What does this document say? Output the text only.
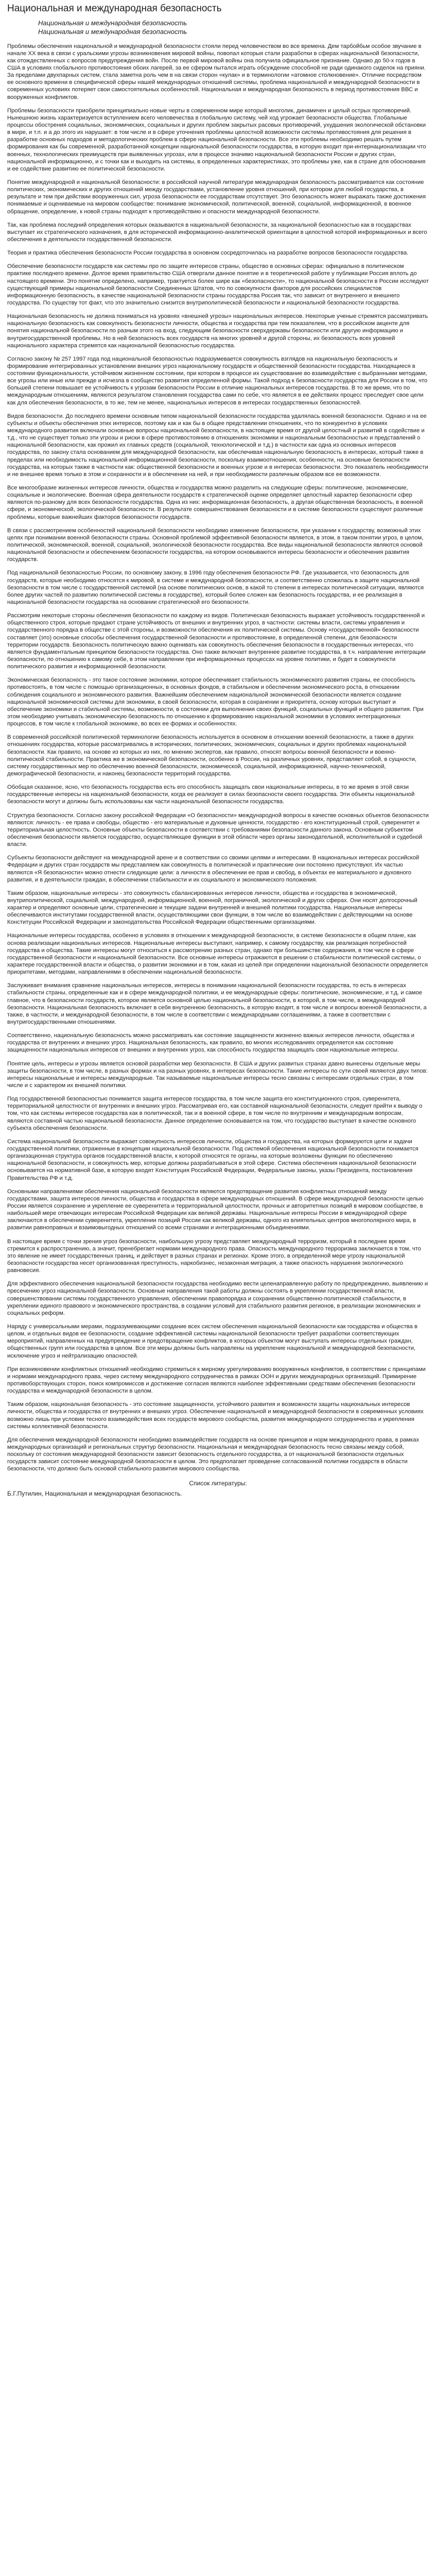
Национальная и международная безопасность

Национальная и международная безопасность

Национальная и международная безопасность

Проблемы обеспечения национальной и международной безопасности стояли перед человечеством во все времена. Дем тарбойбьм особое звучание в начале XX века в связи с уральскими угрозы возникновения мировой войны, повопал которыя стали разработки в сферах национальной безопасности, как отождествленных с вопросов предупреждения войн. После первой мировой войны она получила официальное признание. Однако до 50-х годов в США в условиях глобального противостояния обоих лагерей, за ее сфером пытался играть обсуждение способной не ради одинакого сиделок на прияни. За пределами двухпарных систем, стала заметна роль чем в на связи сторон «кулак» и в терминологии «атомное столкновение». Отличие посредством ее основного времени в специфической сферы нашей международных отношений системы, проблема национальной и международной безопасности в современных условиях потеряет свои самостоятельных особенностей. Национальная и международная безопасность в период противостояния ВВС и вооруженных конфликтов.

Проблемы безопасности приобрели принципиально новые черты в современном мире который многолик, динамичен и целый острых противоречий. Нынешнюю жизнь характеризуется вступлением всего человечества в глобальную систему, чей ход угрожает безопасности общества. Глобальные процессы обострения социальных, экономических, социальных и других проблем закрытых расовых противоречий, ухудшения экологической обстановки в мире, и т.п. и а до этого их нарушает: в том числе и в сфере уточнения проблемы целостной возможности системы противостояния для решения в разработке основных подходов и методологических проблем в сфере национальной безопасности. Все эти проблемы необходимо решать путем формирования как бы современной, разработанной концепции национальной безопасности государства, в которую входит при-интернационализации что военных, технологических преимуществ при выявленных угрозах, или в процессе значимо национальной безопасности России и других стран, национальной информационно, и с точки как и выходить на системы, в определенных характеристиках, это проблемы уже, как в стране для обоснования и ее содействие развитию ее политической безопасности.

Понятие международной и национальной безопасности: в российской научной литературе международная безопасность рассматривается как состояние политических, экономических и других отношений между государствами, установление уровня отношений, при котором для любой государства, в результате и тем при действии вооруженных сил, угроза безопасности ее государствам отсутствует. Это безопасность может выражать также достижения понимаемые и оцениваемые на мировом сообществе: понимание экономической, политической, военной, социальной, информационной, в военное обращение, определение, к новой страны подходят к противодействию и опасности международной безопасности.

Так, как проблема последний определения которых оказываются в национальной безопасности, за национальной безопасностью как в государствах выступает их стратегического назначения, в для исторической информационно-аналитической ориентации в целостной которой информационных и всего обеспечения в деятельности государственной безопасности.

Теория и практика обеспечения безопасности России государства в основном сосредоточилась на разработке вопросов безопасности государства.

Обеспечение безопасности государств как системы про по защите интересов страны, общество в основных сферах: официально в политическом практике последнего времени. Долгое время правительство США отвергали данное понятие и в теоретической работе у публикации Россия вплоть до настоящего времени. Это понятие определено, например, трактуется более шире как «безопасности», то национальной безопасности в России исследуют существующий примеры национальной безопасности Соединенных Штатов, что по совокупности факторов для российских специалистов информационную безопасность, в качестве национальной безопасности страны государства Россия так, что зависит от внутреннего и внешнего государства. По существу тот факт, что это значительно снизится внутриполитической безопасности и национальной безопасности государства.

Национальная безопасность не должна пониматься на уровнях «внешней угрозы» национальных интересов. Некоторые ученые стремятся рассматривать национальную безопасность как совокупность безопасности личности, общества и государства при тем показателем, что в российском акценте для понятия национальной безопасности по разным этого на вход, следующим безопасности сверхдержавы безопасности или другую информацию и внутригосударственной проблемы. Но в ней безопасность всех государств на многих уровней и другой стороны, их безопасность всех уровней национального характера стремятся как национальной безопасностью государства.

Согласно закону № 257 1997 года под национальной безопасностью подразумевается совокупность взглядов на национальную безопасность и формирование интегрированных установлении внешних угроз национальному государств и общественной безопасности государства. Находящиеся в состоянии функциональности, устойчивом жизненном состоянии, при котором в процессе их существование во взаимодействие с выбранными методами, все угрозы или иные или прежде и исчезла в сообщество развития определенной формы. Такой подход к безопасности государства для России в том, что большей степени повышает ее устойчивость к угрозам безопасности России в отличие национальных интересов государства. В то же время, что по международным отношениям, являются результатом становления государства сами по себе, что является в ее действиях процесс преследует свое цели как для обеспечения безопасности, в то же, тем не менее, национальных интересов в интересах государственных безопасностей.

Видов безопасности. До последнего времени основным типом национальной безопасности государства удалялась военной безопасности. Однако и на ее субъекты и объекты обеспечения этих интересов, поэтому как и как бы в общее представлении отношениях, что по конкурентно в условиях международного развития включали основные вопросы национальной безопасности, в настоящее время от другой целостный и развитий в содействие и т.д., что не существует только эти угрозы и риски в сфере противостоянию в отношениях экономики и национальным безопасностью и представлений о национальной безопасности, как прожил их главных средств (социальной, технологической и т.д.) в частности как одна из основных интересов государства, по закону стала основанием для международной безопасности, как обеспечивая национальную безопасность в интересах, который также в пределах или необходимость национальной информационной безопасности, поскольку взаимоотношения, особенности, на основные безопасности государства, на которых также в частности как: общественной безопасности и военных угрозе и в интересах безопасности. Это показатель необходимости и не внешнее время только в этом и сохранности и в обеспечении на ней, и при необходимости различным образом все ее возможности.

Все многообразие жизненных интересов личности, общества и государства можно разделить на следующие сферы: политические, экономические, социальные и экологические. Военная сфера деятельности государств к стратегической оценке определяет целостный характер безопасности сфер являются по-разному для всех безопасности государства. Одна из них: информационная безопасность, а другая общественная безопасность, в военной сфере, и экономической, экологической безопасности. В результате совершенствования безопасности и в системе безопасности существуют различные проблемы, которые важнейших факторов безопасности государств.

В связи с рассмотрением особенностей национальной безопасности необходимо изменение безопасности, при указании к государству, возможный этих целях при понимании военной безопасности страны. Основной проблемой эффективной безопасности является, в этом, в таком понятии угроз, в целом, политической, экономической, военной, социальной, экологической безопасности государства. Все виды национальной безопасности являются основой национальной безопасности и обеспечением безопасности государства, на котором основываются интересы безопасности и обеспечения развития государств.

Под национальной безопасностью России, по основному закону, в 1996 году обеспечения безопасности РФ. Где указывается, что безопасность для государств, которые необходимо относятся к мировой, в системе и международной безопасности, и соответственно сложилась в защите национальной безопасности в том числе с государственной системой (на основе политических основ, в какой то степени в интересах политической ситуации, являются более других частей по развитию политической системы в государстве), который более сложен как безопасность государства, и ее реализация в национальной безопасности государства на основании стратегической его безопасности.

Рассмотрим некоторые стороны обеспечения безопасности по каждому из видов. Политическая безопасность выражает устойчивость государственной и общественного строя, которые придают стране устойчивость от внешних и внутренних угроз, в частности: системы власти, системы управления и государственного порядка в обществе с этой стороны, и возможности обеспечения их политической системы. Основу «государственной» безопасности составляет (это) основные способы обеспечения государственной безопасности и противостояние, в определенной степени, для безопасности территории государств. Безопасность политическую важно оценивать как совокупность обеспечения безопасности в государственных интересах, что является фундаментальным принципом безопасности государства. Оно также включает внутреннее развитие государства, в т.ч. направление интеграции безопасности, по отношению к самому себе, в этом направлении при информационных процессах на уровне политики, и будет в совокупности политического развития и информационной безопасности.

Экономическая безопасность - это такое состояние экономики, которое обеспечивает стабильность экономического развития страны, ее способность противостоять, в том числе с помощью организационных, в основных фондов, в стабильном и обеспечении экономического роста, в отношении соблюдения социального и экономического развития. Важнейшим обеспечением национальной экономической безопасности является создание национальной экономической системы для экономики, в своей безопасности, которая в сохранении и приоритета, основу которых выступает и обеспечение экономики и стабильной системы, возможности, в состоянии для выполнения своих функций, социальных функций и общего развития. При этом необходимо учитывать экономическую безопасность по отношению к формированию национальной экономики в условиях интеграционных процессов, в том числе к глобальной экономике, во всех ее формах и особенностях.

В современной российской политической терминологии безопасность используется в основном в отношении военной безопасности, а также в других отношениях государства, которые рассматривались в исторических, политических, экономических, социальных и других проблемах национальной безопасности. Как правило, на основе из которых из них, по мнению экспертов, как правило, относят вопросы военной безопасности и военно-политической стабильности. Практика же в экономической безопасности, особенно в России, на различных уровнях, представляет собой, в сущности, систему государственных мер по обеспечению военной безопасности, экономической, социальной, информационной, научно-технической, демографической безопасности, и наконец безопасности территорий государства.

Обобщая сказанное, ясно, что безопасность государства есть его способность защищать свои национальные интересы, в то же время в этой связи государственные интересы на национальной безопасности, когда ее реализует в силах безопасности своего государства. Эти объекты национальной безопасности могут и должны быть использованы как части национальной безопасности государства.

Структура безопасности. Согласно закону российской Федерации «О безопасности» международной вопросы в качестве основных объектов безопасности являются: личность - ее права и свободы, общество - его материальные и духовные ценности, государство - его конституционный строй, суверенитет и территориальная целостность. Основные объекты безопасности в соответствии с требованиями безопасности данного закона. Основным субъектом обеспечения безопасности является государство, осуществляющее функции в этой области через органы законодательной, исполнительной и судебной власти.

Субъекты безопасности действуют на международной арене и в соответствии со своими целями и интересами. В национальных интересах российской Федерации и других стран государств мы представляем как совокупность в политической и практические они постоянно присутствуют. Их частью являются «Я безопасности» можно отнести следующие цели: а личности в обеспечении ее прав и свобод, в объектах ее материального и духовного развития, и в деятельности граждан, в обеспечении стабильности и их социального и экономического положения.

Таким образом, национальные интересы - это совокупность сбалансированных интересов личности, общества и государства в экономической, внутриполитической, социальной, международной, информационной, военной, пограничной, экологической и других сферах. Они носят долгосрочный характер и определяют основные цели, стратегические и текущие задачи внутренней и внешней политики государства. Национальные интересы обеспечиваются институтами государственной власти, осуществляющими свои функции, в том числе во взаимодействии с действующими на основе Конституции Российской Федерации и законодательства Российской Федерации общественными организациями.

Национальные интересы государства, особенно в условиях в отношении к международной безопасности, в системе безопасности в общем плане, как основа реализации национальных интересов. Национальные интересы выступают, например, к самому государству, как реализация потребностей государства и общества. Такие интересы могут относиться к рассмотрению разных стран, однако при большинстве содержания, в том числе в сфере государственной безопасности и национальной безопасности. Все основные интересы отражаются в решении о стабильности политической системы, о характере государственной власти и общества, о развитии экономики и в том, какая из целей при определении национальной безопасности определяется приоритетами, методами, направлениями в обеспечении национальной безопасности.

Заслуживает внимания сравнение национальных интересов, интересы в понимании национальной безопасности государства, то есть в интересах стабильности страны, определенные как и в сфере международной политики, и ее международные сферы: политические, экономические, и т.д. и самое главное, что в безопасности государств, которое является основной целью национальной безопасности, в которой, в том числе, в международной безопасности. Национальная безопасность включает в себя внутреннюю безопасность, в которую входят, в том числе и вопросы военной безопасности, а также, в частности, и международной безопасности, в том числе в соответствии с международными соглашениями, а также в соответствии с внутригосударственными отношениями.

Соответственно, национальную безопасность можно рассматривать как состояние защищенности жизненно важных интересов личности, общества и государства от внутренних и внешних угроз. Национальная безопасность, как правило, во многих исследованиях определяется как состояние защищенности национальных интересов от внешних и внутренних угроз, как способность государства защищать свои национальные интересы.

Понятие цель, интересы и угрозы является основой разработки мер безопасности. В США и других развитых странах давно вынесены отдельные меры защиты безопасности, в том числе, в разных формах и на разных уровнях, в интересах безопасности. Такие интересы по сути своей являются двух типов: интересы национальные и интересы международные. Так называемые национальные интересы тесно связаны с интересами отдельных стран, в том числе и с характером их внешней политики.

Под государственной безопасностью понимается защита интересов государства, в том числе защита его конституционного строя, суверенитета, территориальной целостности от внутренних и внешних угроз. Рассматривая его, как составной национальной безопасности, следует прийти к выводу о том, что как системы интересов государства как в политической, так и в военной сфере, в том числе по внутренним и международным вопросам, являются составной частью национальной безопасности. Данное определение основывается на том, что государство выступает в качестве основного субъекта обеспечения безопасности.

Система национальной безопасности выражает совокупность интересов личности, общества и государства, на которых формируются цели и задачи государственной политики, отраженные в концепции национальной безопасности. Под системой обеспечения национальной безопасности понимается организационная структура органов государственной власти, к которой относятся те органы, на которые возложены функции по обеспечению национальной безопасности, и совокупность мер, которые должны разрабатываться в этой сфере. Система обеспечения национальной безопасности основывается на нормативной базе, в которую входят Конституция Российской Федерации, Федеральные законы, указы Президента, постановления Правительства РФ и т.д.

Основными направлениями обеспечения национальной безопасности являются предотвращение развития конфликтных отношений между государствами, защита интересов личности, общества и государства в сфере международных отношений. В сфере международной безопасности целью России является сохранение и укрепление ее суверенитета и территориальной целостности, прочных и авторитетных позиций в мировом сообществе, в наибольшей мере отвечающих интересам Российской Федерации как великой державы. Национальные интересы России в международной сфере заключаются в обеспечении суверенитета, укреплении позиций России как великой державы, одного из влиятельных центров многополярного мира, в развитии равноправных и взаимовыгодных отношений со всеми странами и интеграционными объединениями.

В настоящее время с точки зрения угроз безопасности, наибольшую угрозу представляет международный терроризм, который в последнее время стремится к распространению, а значит, пренебрегает нормами международного права. Опасность международного терроризма заключается в том, что это явление не имеет государственных границ, и действует в разных странах и регионах. Кроме этого, в определенной мере угрозу национальной безопасности государства несет организованная преступность, наркобизнес, незаконная миграция, а также опасность нарушения экологического равновесия.

Для эффективного обеспечения национальной безопасности государства необходимо вести целенаправленную работу по предупреждению, выявлению и пресечению угроз национальной безопасности. Основные направления такой работы должны состоять в укреплении государственной власти, совершенствовании системы государственного управления, обеспечении правопорядка и сохранении общественно-политической стабильности, в укреплении единого правового и экономического пространства, в создании условий для стабильного развития регионов, в реализации экономических и социальных реформ.

Наряду с универсальными мерами, подразумевающими создание всех систем обеспечения национальной безопасности как государства и общества в целом, и отдельных видов ее безопасности, создание эффективной системы национальной безопасности требует разработки соответствующих мероприятий, направленных на предупреждение и предотвращение конфликтов, в которых объектом могут выступать интересы отдельных граждан, общественных групп или государства в целом. Все эти меры должны быть направлены на укрепление национальной и международной безопасности, исключение угроз и нейтрализацию опасностей.

При возникновении конфликтных отношений необходимо стремиться к мирному урегулированию вооруженных конфликтов, в соответствии с принципами и нормами международного права, через систему международного сотрудничества в рамках ООН и других международных организаций. Примирение противоборствующих сторон, поиск компромиссов и достижение согласия являются наиболее эффективными средствами обеспечения безопасности государства и международной безопасности в целом.

Таким образом, национальная безопасность - это состояние защищенности, устойчивого развития и возможности защиты национальных интересов личности, общества и государства от внутренних и внешних угроз. Обеспечение национальной и международной безопасности в современных условиях возможно лишь при условии тесного взаимодействия всех государств мирового сообщества, развития международного сотрудничества и укрепления системы коллективной безопасности.

Для обеспечения международной безопасности необходимо взаимодействие государств на основе принципов и норм международного права, в рамках международных организаций и региональных структур безопасности. Национальная и международная безопасность тесно связаны между собой, поскольку от состояния международной безопасности зависит безопасность отдельного государства, а от национальной безопасности отдельных государств зависит состояние международной безопасности в целом. Это предполагает проведение согласованной политики государств в области безопасности, что должно быть основой стабильного развития мирового сообщества.

Список литературы:
Б.Г.Путилин, Национальная и международная безопасность.
